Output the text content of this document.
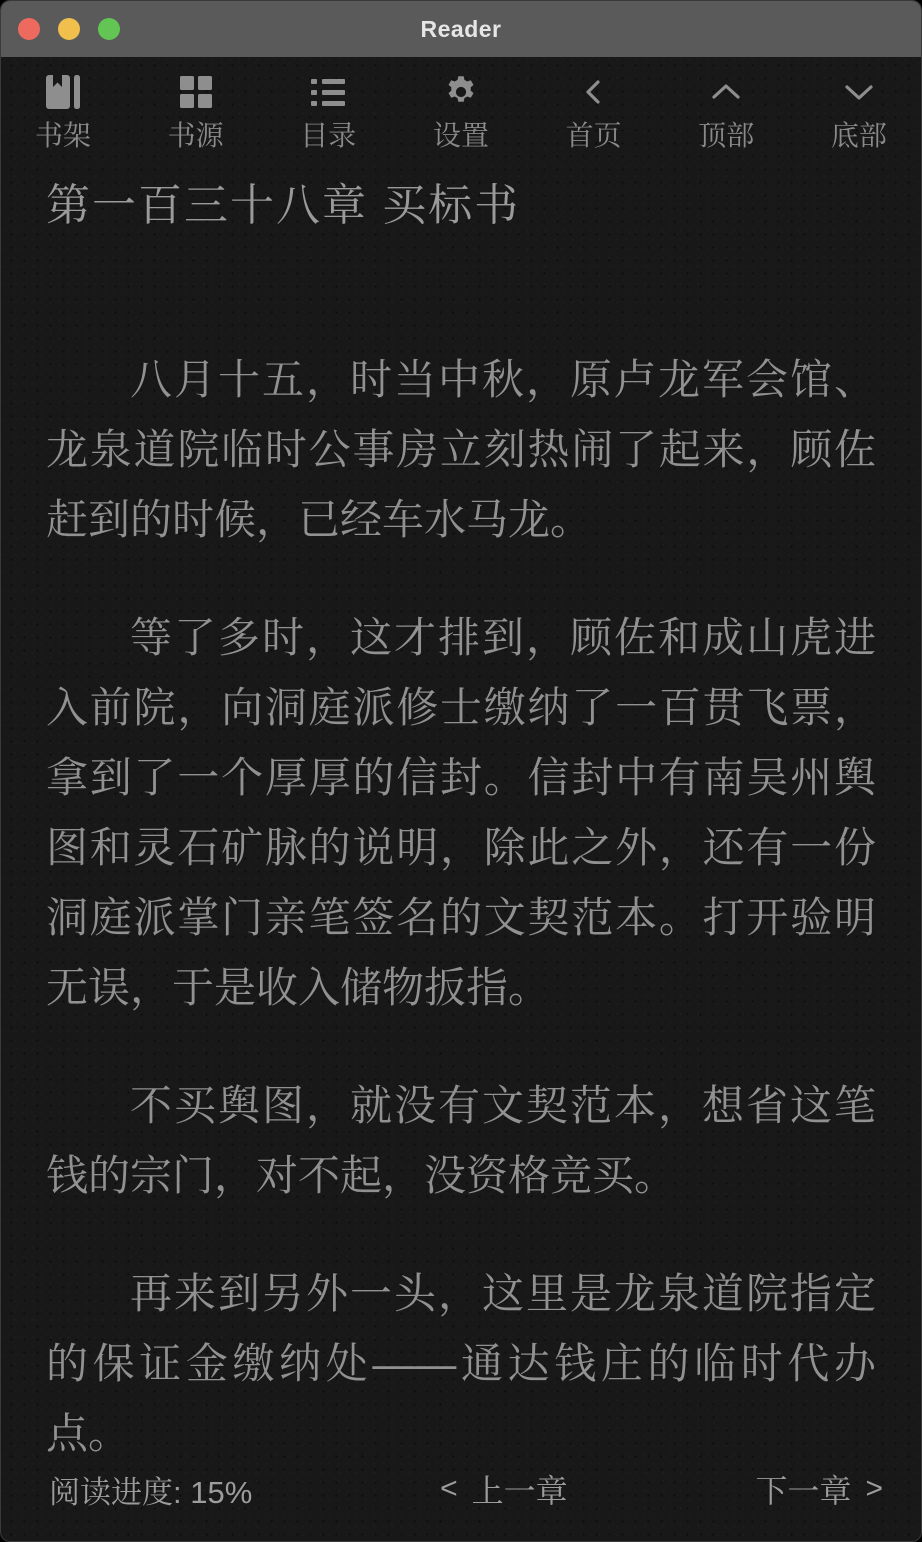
Reader
书架	书源	目录	设置	首页	顶部	底部
第一百三十八章 买标书

八月十五，时当中秋，原卢龙军会馆、龙泉道院临时公事房立刻热闹了起来，顾佐赶到的时候，已经车水马龙。

等了多时，这才排到，顾佐和成山虎进入前院，向洞庭派修士缴纳了一百贯飞票，拿到了一个厚厚的信封。信封中有南吴州舆图和灵石矿脉的说明，除此之外，还有一份洞庭派掌门亲笔签名的文契范本。打开验明无误，于是收入储物扳指。

不买舆图，就没有文契范本，想省这笔钱的宗门，对不起，没资格竞买。

再来到另外一头，这里是龙泉道院指定的保证金缴纳处——通达钱庄的临时代办点。

阅读进度: 15%	< 上一章	下一章 >
